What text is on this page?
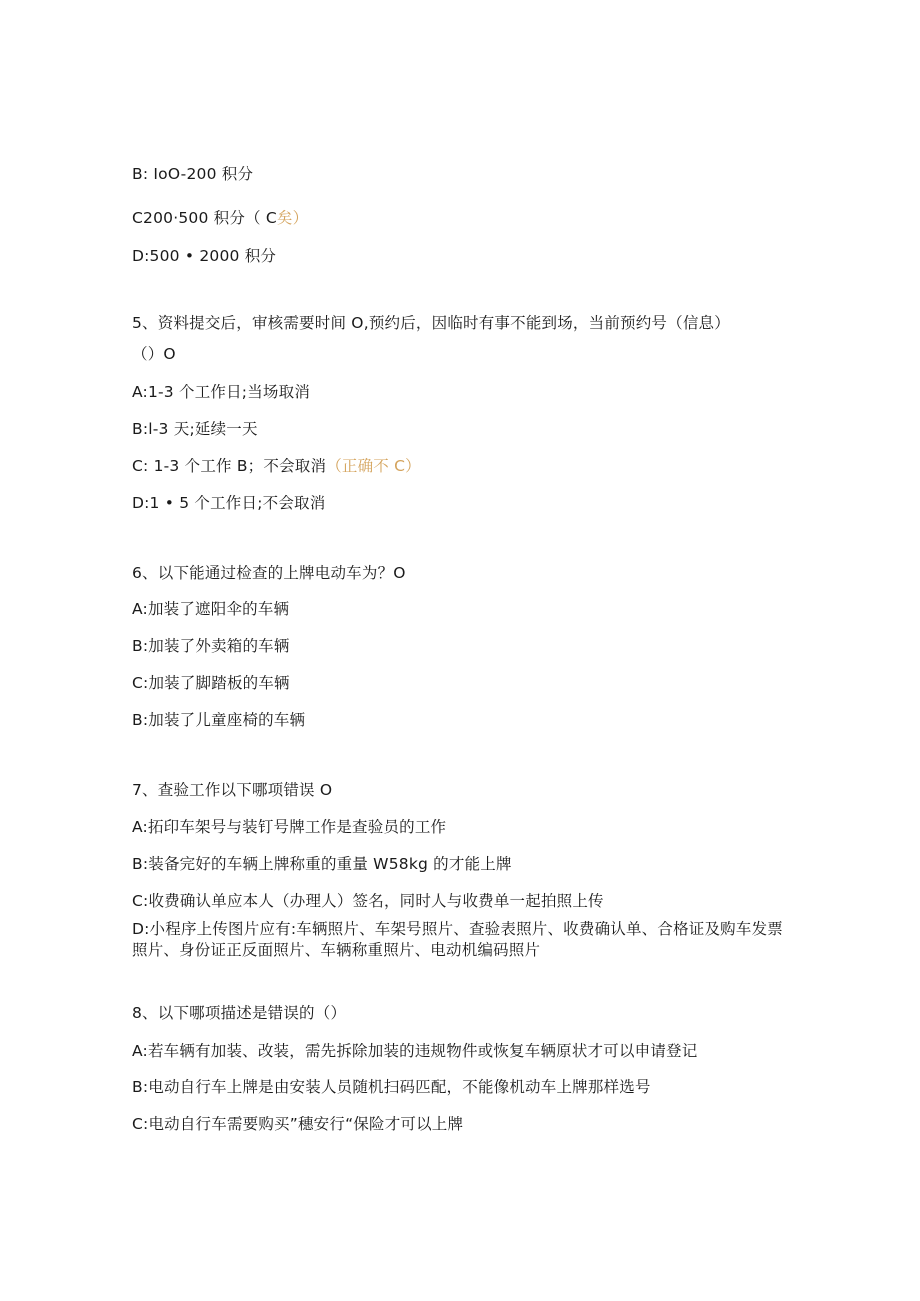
B: IoO-200 积分
C200·500 积分（ C矣）
D:500 • 2000 积分
5、资料提交后，审核需要时间 O,预约后，因临时有事不能到场，当前预约号（信息）
（）O
A:1-3 个工作日;当场取消
B:l-3 天;延续一天
C: 1-3 个工作 B；不会取消（正确不 C）
D:1 • 5 个工作日;不会取消
6、以下能通过检查的上牌电动车为？O
A:加装了遮阳伞的车辆
B:加装了外卖箱的车辆
C:加装了脚踏板的车辆
B:加装了儿童座椅的车辆
7、查验工作以下哪项错误 O
A:拓印车架号与装钉号牌工作是查验员的工作
B:装备完好的车辆上牌称重的重量 W58kg 的才能上牌
C:收费确认单应本人（办理人）签名，同时人与收费单一起拍照上传
D:小程序上传图片应有:车辆照片、车架号照片、查验表照片、收费确认单、合格证及购车发票照片、身份证正反面照片、车辆称重照片、电动机编码照片
8、以下哪项描述是错误的（）
A:若车辆有加装、改装，需先拆除加装的违规物件或恢复车辆原状才可以申请登记
B:电动自行车上牌是由安装人员随机扫码匹配，不能像机动车上牌那样选号
C:电动自行车需要购买”穗安行“保险才可以上牌
